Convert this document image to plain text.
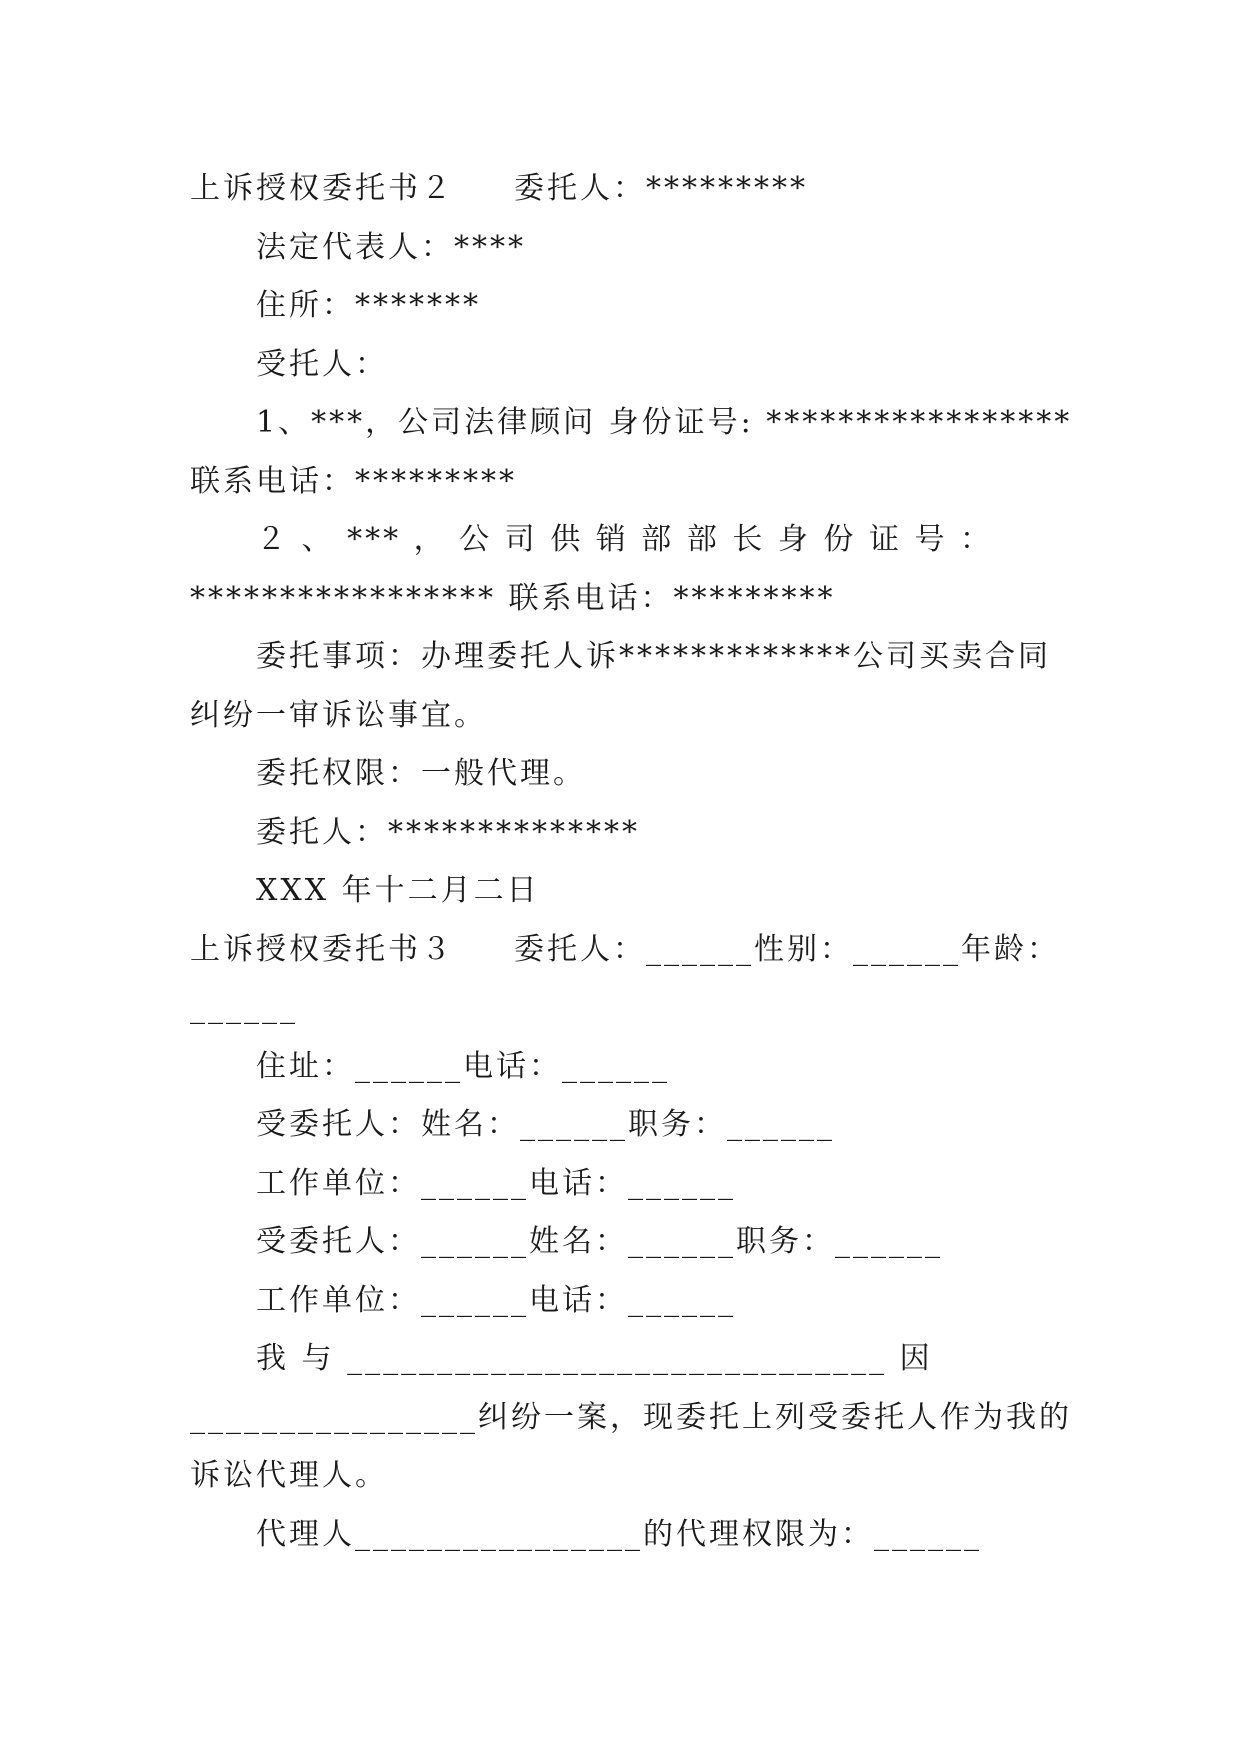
上诉授权委托书２ 委托人：*********

法定代表人：****

住所：*******

受托人：

1、***，公司法律顾问 身份证号: *****************

联系电话：*********

２ 、 *** ， 公 司 供 销 部 部 长 身 份 证 号 ：

***************** 联系电话：*********

委托事项：办理委托人诉*************公司买卖合同

纠纷一审诉讼事宜。

委托权限：一般代理。

委托人：**************

XXX 年十二月二日

上诉授权委托书３ 委托人：______性别：______年龄：

______

住址：______电话：______

受委托人：姓名：______职务：______

工作单位：______电话：______

受委托人：______姓名：______职务：______

工作单位：______电话：______

我 与 ______________________________ 因

________________纠纷一案，现委托上列受委托人作为我的

诉讼代理人。

代理人________________的代理权限为：______
